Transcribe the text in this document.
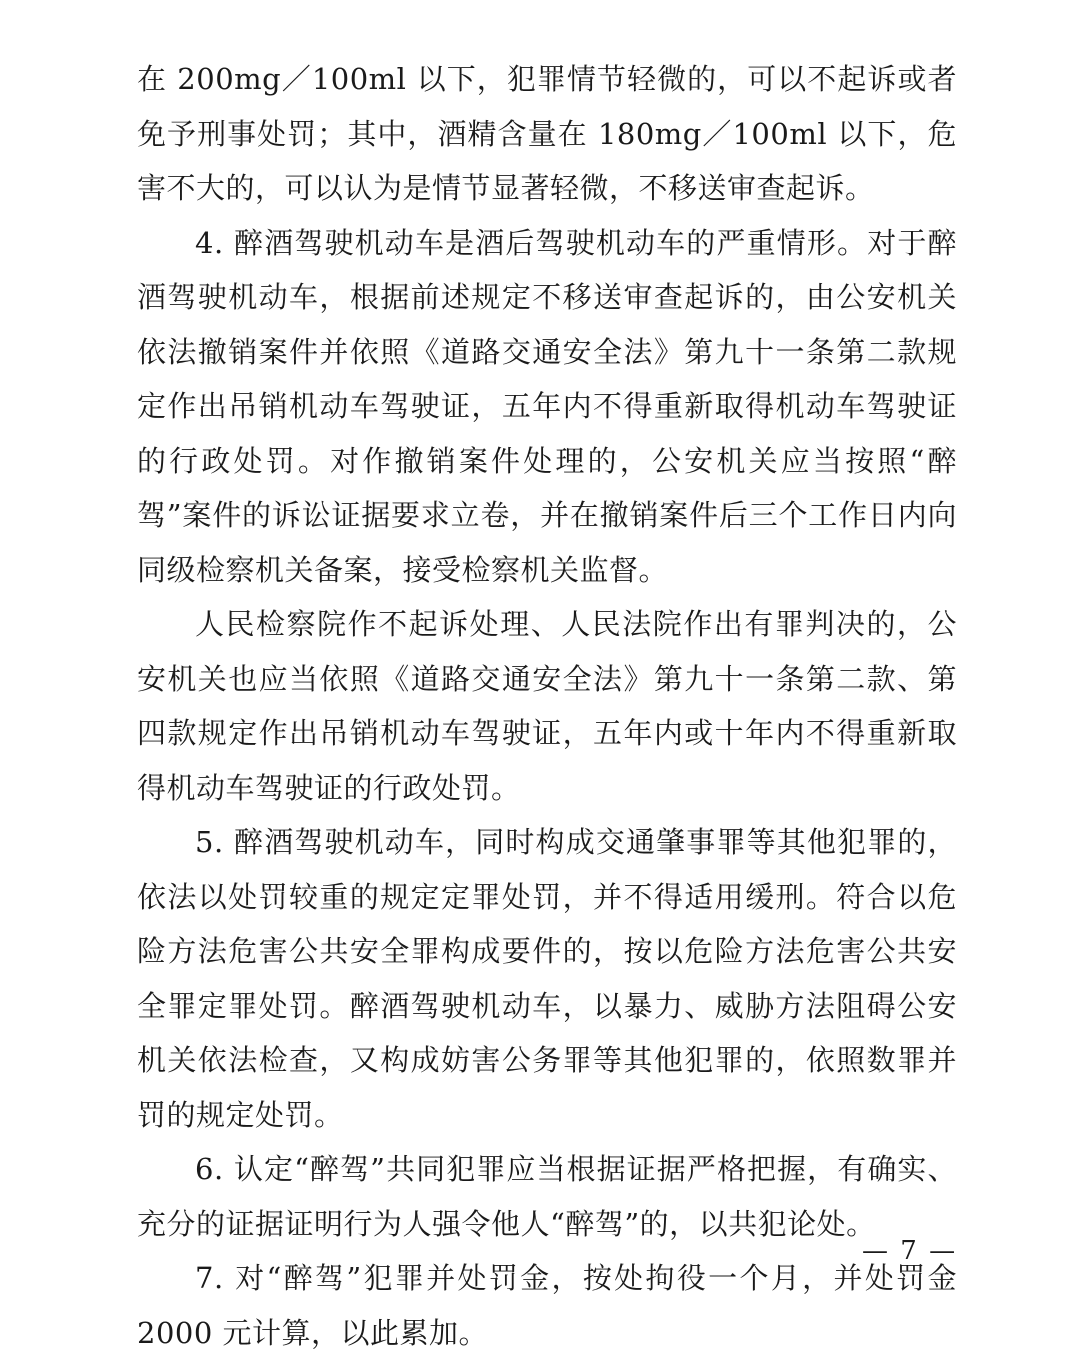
在 200mg／100ml 以下，犯罪情节轻微的，可以不起诉或者免予刑事处罚；其中，酒精含量在 180mg／100ml 以下，危害不大的，可以认为是情节显著轻微，不移送审查起诉。

4. 醉酒驾驶机动车是酒后驾驶机动车的严重情形。对于醉酒驾驶机动车，根据前述规定不移送审查起诉的，由公安机关依法撤销案件并依照《道路交通安全法》第九十一条第二款规定作出吊销机动车驾驶证，五年内不得重新取得机动车驾驶证的行政处罚。对作撤销案件处理的，公安机关应当按照“醉驾”案件的诉讼证据要求立卷，并在撤销案件后三个工作日内向同级检察机关备案，接受检察机关监督。

人民检察院作不起诉处理、人民法院作出有罪判决的，公安机关也应当依照《道路交通安全法》第九十一条第二款、第四款规定作出吊销机动车驾驶证，五年内或十年内不得重新取得机动车驾驶证的行政处罚。

5. 醉酒驾驶机动车，同时构成交通肇事罪等其他犯罪的，依法以处罚较重的规定定罪处罚，并不得适用缓刑。符合以危险方法危害公共安全罪构成要件的，按以危险方法危害公共安全罪定罪处罚。醉酒驾驶机动车，以暴力、威胁方法阻碍公安机关依法检查，又构成妨害公务罪等其他犯罪的，依照数罪并罚的规定处罚。

6. 认定“醉驾”共同犯罪应当根据证据严格把握，有确实、充分的证据证明行为人强令他人“醉驾”的，以共犯论处。

7. 对“醉驾”犯罪并处罚金，按处拘役一个月，并处罚金 2000 元计算，以此累加。

— 7 —
